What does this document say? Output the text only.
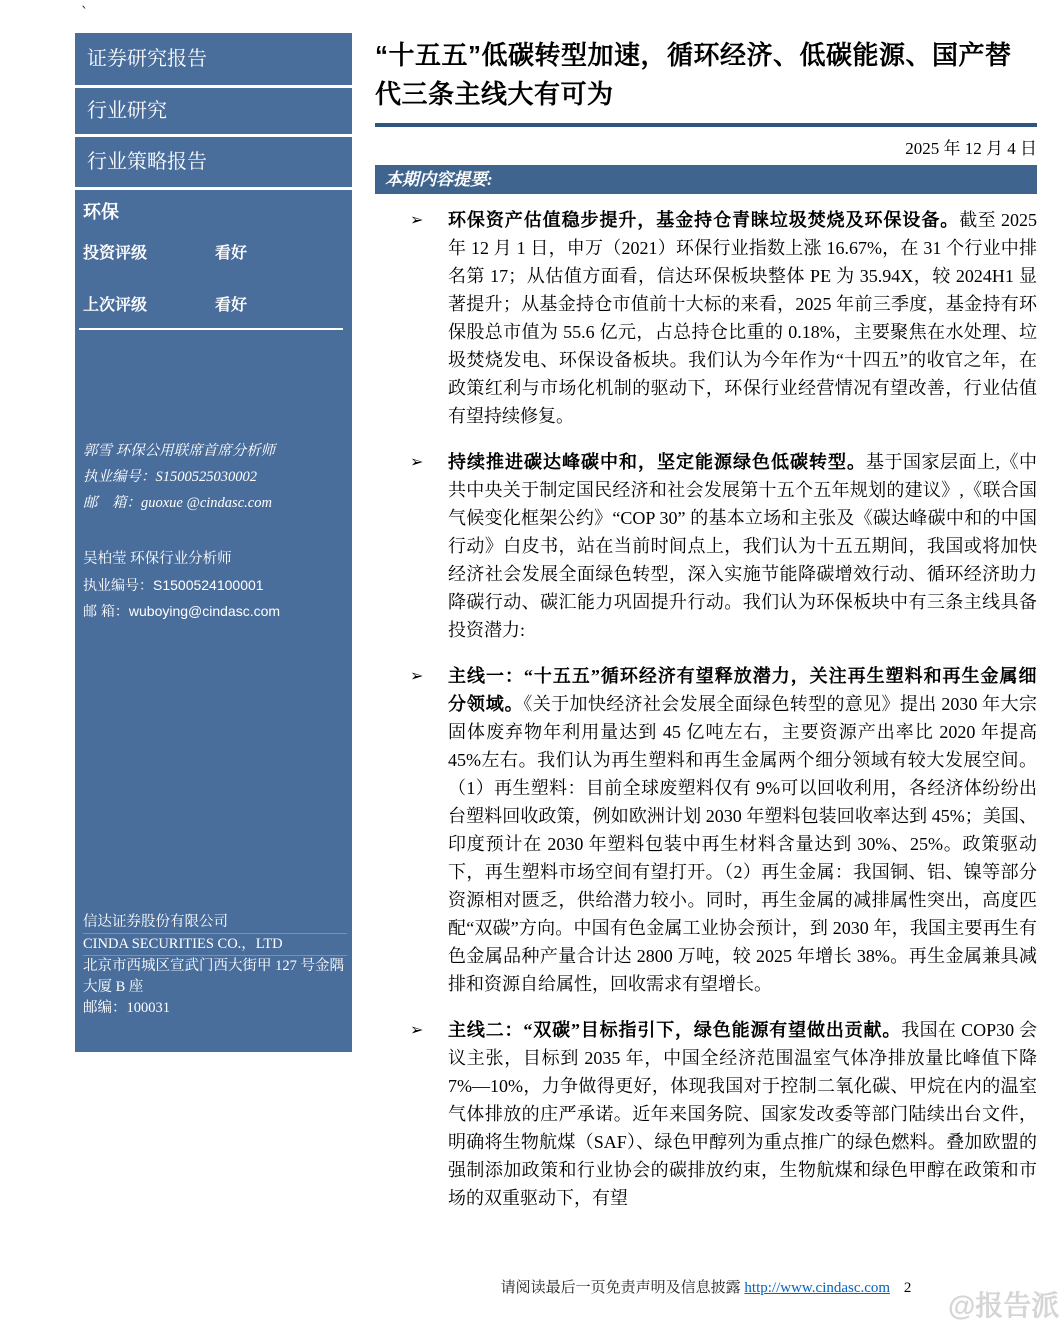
`
证券研究报告
行业研究
行业策略报告
环保
投资评级	看好
上次评级	看好
郭雪 环保公用联席首席分析师
执业编号：S1500525030002
邮　箱：guoxue @cindasc.com
吴柏莹 环保行业分析师
执业编号：S1500524100001
邮 箱：wuboying@cindasc.com
信达证券股份有限公司
CINDA SECURITIES CO.，LTD
北京市西城区宣武门西大街甲 127 号金隅大厦 B 座
邮编：100031
“十五五”低碳转型加速，循环经济、低碳能源、国产替代三条主线大有可为
2025 年 12 月 4 日
本期内容提要:
➢	环保资产估值稳步提升，基金持仓青睐垃圾焚烧及环保设备。截至 2025 年 12 月 1 日，申万（2021）环保行业指数上涨 16.67%，在 31 个行业中排名第 17；从估值方面看，信达环保板块整体 PE 为 35.94X，较 2024H1 显著提升；从基金持仓市值前十大标的来看，2025 年前三季度，基金持有环保股总市值为 55.6 亿元，占总持仓比重的 0.18%，主要聚焦在水处理、垃圾焚烧发电、环保设备板块。我们认为今年作为“十四五”的收官之年，在政策红利与市场化机制的驱动下，环保行业经营情况有望改善，行业估值有望持续修复。
➢	持续推进碳达峰碳中和，坚定能源绿色低碳转型。基于国家层面上,《中共中央关于制定国民经济和社会发展第十五个五年规划的建议》,《联合国气候变化框架公约》“COP 30” 的基本立场和主张及《碳达峰碳中和的中国行动》白皮书，站在当前时间点上，我们认为十五五期间，我国或将加快经济社会发展全面绿色转型，深入实施节能降碳增效行动、循环经济助力降碳行动、碳汇能力巩固提升行动。我们认为环保板块中有三条主线具备投资潜力:
➢	主线一：“十五五”循环经济有望释放潜力，关注再生塑料和再生金属细分领域。《关于加快经济社会发展全面绿色转型的意见》提出 2030 年大宗固体废弃物年利用量达到 45 亿吨左右，主要资源产出率比 2020 年提高 45%左右。我们认为再生塑料和再生金属两个细分领域有较大发展空间。（1）再生塑料：目前全球废塑料仅有 9%可以回收利用，各经济体纷纷出台塑料回收政策，例如欧洲计划 2030 年塑料包装回收率达到 45%；美国、印度预计在 2030 年塑料包装中再生材料含量达到 30%、25%。政策驱动下，再生塑料市场空间有望打开。（2）再生金属：我国铜、铝、镍等部分资源相对匮乏，供给潜力较小。同时，再生金属的减排属性突出，高度匹配“双碳”方向。中国有色金属工业协会预计，到 2030 年，我国主要再生有色金属品种产量合计达 2800 万吨，较 2025 年增长 38%。再生金属兼具减排和资源自给属性，回收需求有望增长。
➢	主线二：“双碳”目标指引下，绿色能源有望做出贡献。我国在 COP30 会议主张，目标到 2035 年，中国全经济范围温室气体净排放量比峰值下降 7%—10%，力争做得更好，体现我国对于控制二氧化碳、甲烷在内的温室气体排放的庄严承诺。近年来国务院、国家发改委等部门陆续出台文件，明确将生物航煤（SAF）、绿色甲醇列为重点推广的绿色燃料。叠加欧盟的强制添加政策和行业协会的碳排放约束，生物航煤和绿色甲醇在政策和市场的双重驱动下，有望
请阅读最后一页免责声明及信息披露 http://www.cindasc.com 2
@报告派
